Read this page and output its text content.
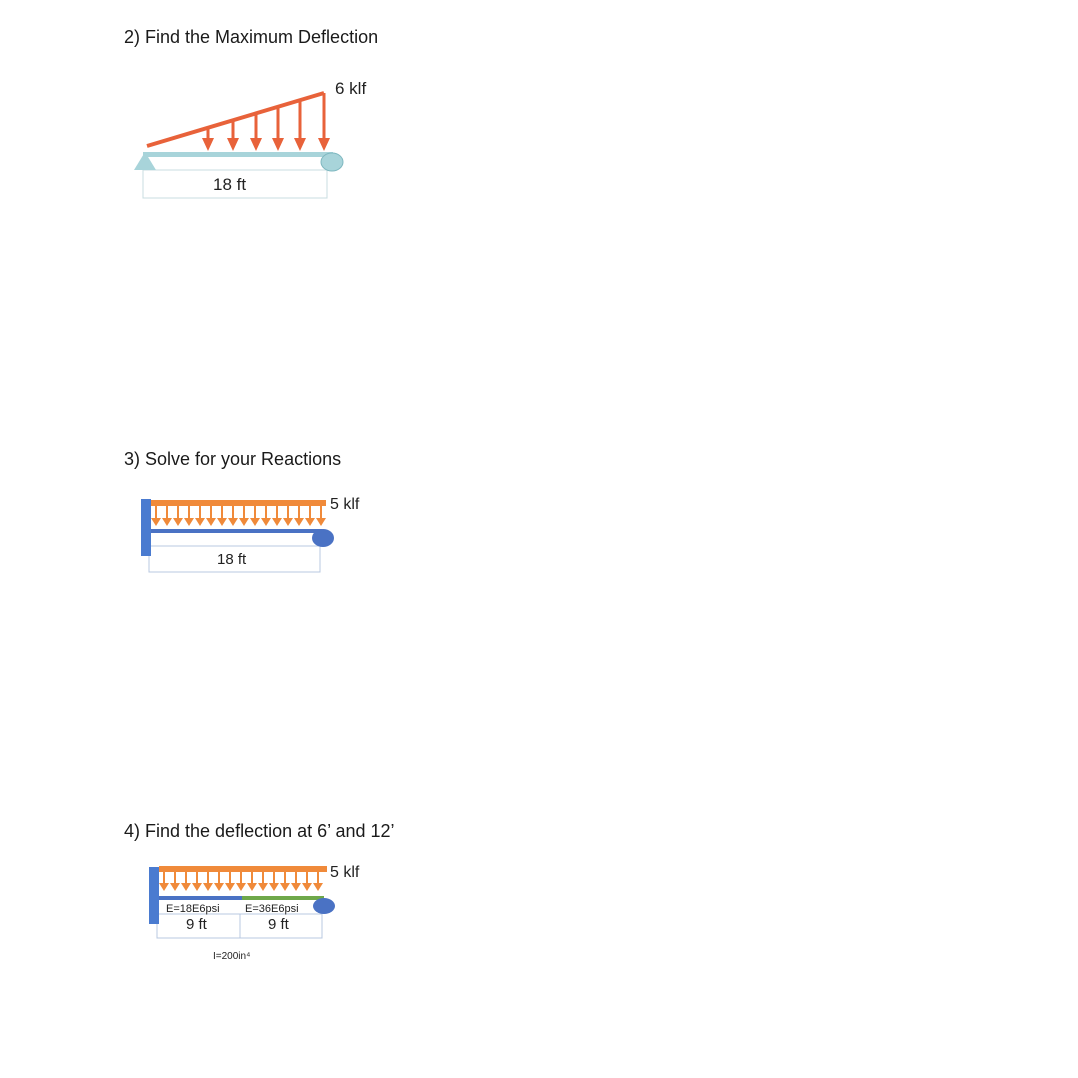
2) Find the Maximum Deflection
6 klf
18 ft
3) Solve for your Reactions
5 klf
18 ft
4) Find the deflection at 6’ and 12’
5 klf
E=18E6psi E=36E6psi
9 ft	9 ft
I=200in⁴
